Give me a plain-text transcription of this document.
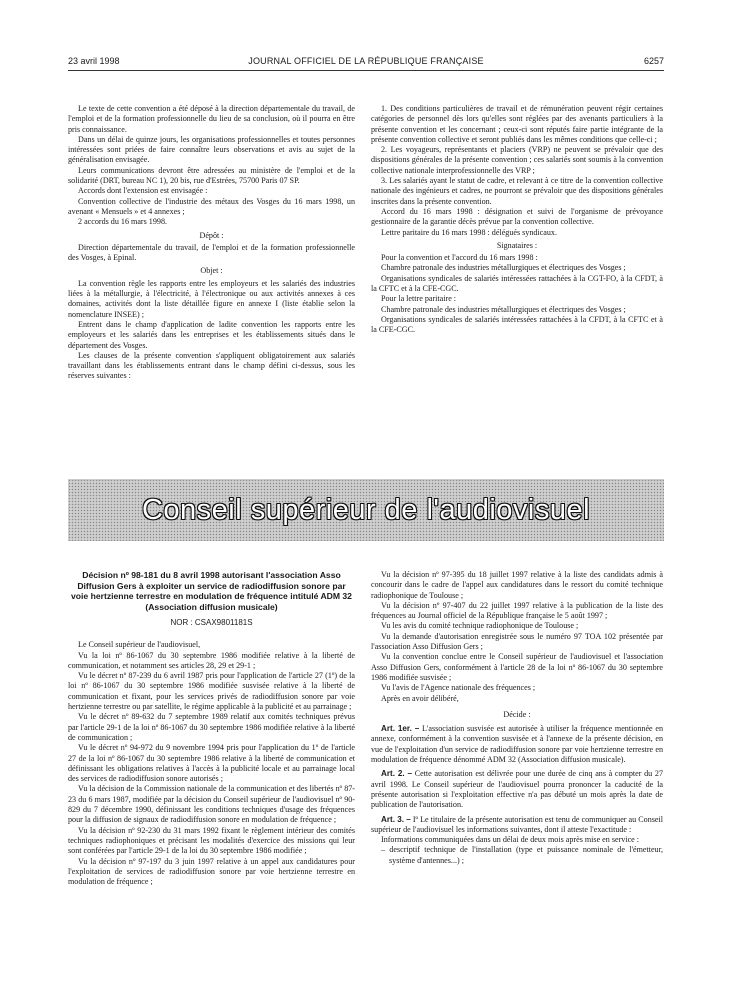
23 avril 1998	JOURNAL OFFICIEL DE LA RÉPUBLIQUE FRANÇAISE	6257

Le texte de cette convention a été déposé à la direction départementale du travail, de l'emploi et de la formation professionnelle du lieu de sa conclusion, où il pourra en être pris connaissance.

Dans un délai de quinze jours, les organisations professionnelles et toutes personnes intéressées sont priées de faire connaître leurs observations et avis au sujet de la généralisation envisagée.

Leurs communications devront être adressées au ministère de l'emploi et de la solidarité (DRT, bureau NC 1), 20 bis, rue d'Estrées, 75700 Paris 07 SP.

Accords dont l'extension est envisagée :

Convention collective de l'industrie des métaux des Vosges du 16 mars 1998, un avenant « Mensuels » et 4 annexes ;

2 accords du 16 mars 1998.

Dépôt :

Direction départementale du travail, de l'emploi et de la formation professionnelle des Vosges, à Epinal.

Objet :

La convention règle les rapports entre les employeurs et les salariés des industries liées à la métallurgie, à l'électricité, à l'électronique ou aux activités annexes à ces domaines, activités dont la liste détaillée figure en annexe I (liste établie selon la nomenclature INSEE) ;

Entrent dans le champ d'application de ladite convention les rapports entre les employeurs et les salariés dans les entreprises et les établissements situés dans le département des Vosges.

Les clauses de la présente convention s'appliquent obligatoirement aux salariés travaillant dans les établissements entrant dans le champ défini ci-dessus, sous les réserves suivantes :

1. Des conditions particulières de travail et de rémunération peuvent régir certaines catégories de personnel dès lors qu'elles sont réglées par des avenants particuliers à la présente convention et les concernant ; ceux-ci sont réputés faire partie intégrante de la présente convention collective et seront publiés dans les mêmes conditions que celle-ci ;

2. Les voyageurs, représentants et placiers (VRP) ne peuvent se prévaloir que des dispositions générales de la présente convention ; ces salariés sont soumis à la convention collective nationale interprofessionnelle des VRP ;

3. Les salariés ayant le statut de cadre, et relevant à ce titre de la convention collective nationale des ingénieurs et cadres, ne pourront se prévaloir que des dispositions générales inscrites dans la présente convention.

Accord du 16 mars 1998 : désignation et suivi de l'organisme de prévoyance gestionnaire de la garantie décès prévue par la convention collective.

Lettre paritaire du 16 mars 1998 : délégués syndicaux.

Signataires :

Pour la convention et l'accord du 16 mars 1998 :

Chambre patronale des industries métallurgiques et électriques des Vosges ;

Organisations syndicales de salariés intéressées rattachées à la CGT-FO, à la CFDT, à la CFTC et à la CFE-CGC.

Pour la lettre paritaire :

Chambre patronale des industries métallurgiques et électriques des Vosges ;

Organisations syndicales de salariés intéressées rattachées à la CFDT, à la CFTC et à la CFE-CGC.

Conseil supérieur de l'audiovisuel
Décision nº 98-181 du 8 avril 1998 autorisant l'association Asso Diffusion Gers à exploiter un service de radiodiffusion sonore par voie hertzienne terrestre en modulation de fréquence intitulé ADM 32 (Association diffusion musicale)
NOR : CSAX9801181S

Le Conseil supérieur de l'audiovisuel,

Vu la loi nº 86-1067 du 30 septembre 1986 modifiée relative à la liberté de communication, et notamment ses articles 28, 29 et 29-1 ;

Vu le décret nº 87-239 du 6 avril 1987 pris pour l'application de l'article 27 (1º) de la loi nº 86-1067 du 30 septembre 1986 modifiée susvisée relative à la liberté de communication et fixant, pour les services privés de radiodiffusion sonore par voie hertzienne terrestre ou par satellite, le régime applicable à la publicité et au parrainage ;

Vu le décret nº 89-632 du 7 septembre 1989 relatif aux comités techniques prévus par l'article 29-1 de la loi nº 86-1067 du 30 septembre 1986 modifiée relative à la liberté de communication ;

Vu le décret nº 94-972 du 9 novembre 1994 pris pour l'application du 1º de l'article 27 de la loi nº 86-1067 du 30 septembre 1986 relative à la liberté de communication et définissant les obligations relatives à l'accès à la publicité locale et au parrainage local des services de radiodiffusion sonore autorisés ;

Vu la décision de la Commission nationale de la communication et des libertés nº 87-23 du 6 mars 1987, modifiée par la décision du Conseil supérieur de l'audiovisuel nº 90-829 du 7 décembre 1990, définissant les conditions techniques d'usage des fréquences pour la diffusion de signaux de radiodiffusion sonore en modulation de fréquence ;

Vu la décision nº 92-230 du 31 mars 1992 fixant le règlement intérieur des comités techniques radiophoniques et précisant les modalités d'exercice des missions qui leur sont conférées par l'article 29-1 de la loi du 30 septembre 1986 modifiée ;

Vu la décision nº 97-197 du 3 juin 1997 relative à un appel aux candidatures pour l'exploitation de services de radiodiffusion sonore par voie hertzienne terrestre en modulation de fréquence ;

Vu la décision nº 97-395 du 18 juillet 1997 relative à la liste des candidats admis à concourir dans le cadre de l'appel aux candidatures dans le ressort du comité technique radiophonique de Toulouse ;

Vu la décision nº 97-407 du 22 juillet 1997 relative à la publication de la liste des fréquences au Journal officiel de la République française le 5 août 1997 ;

Vu les avis du comité technique radiophonique de Toulouse ;

Vu la demande d'autorisation enregistrée sous le numéro 97 TOA 102 présentée par l'association Asso Diffusion Gers ;

Vu la convention conclue entre le Conseil supérieur de l'audiovisuel et l'association Asso Diffusion Gers, conformément à l'article 28 de la loi nº 86-1067 du 30 septembre 1986 modifiée susvisée ;

Vu l'avis de l'Agence nationale des fréquences ;

Après en avoir délibéré,

Décide :

Art. 1er. – L'association susvisée est autorisée à utiliser la fréquence mentionnée en annexe, conformément à la convention susvisée et à l'annexe de la présente décision, en vue de l'exploitation d'un service de radiodiffusion sonore par voie hertzienne terrestre en modulation de fréquence dénommé ADM 32 (Association diffusion musicale).

Art. 2. – Cette autorisation est délivrée pour une durée de cinq ans à compter du 27 avril 1998. Le Conseil supérieur de l'audiovisuel pourra prononcer la caducité de la présente autorisation si l'exploitation effective n'a pas débuté un mois après la date de publication de l'autorisation.

Art. 3. – Iº Le titulaire de la présente autorisation est tenu de communiquer au Conseil supérieur de l'audiovisuel les informations suivantes, dont il atteste l'exactitude :

Informations communiquées dans un délai de deux mois après mise en service :

– descriptif technique de l'installation (type et puissance nominale de l'émetteur, système d'antennes...) ;
